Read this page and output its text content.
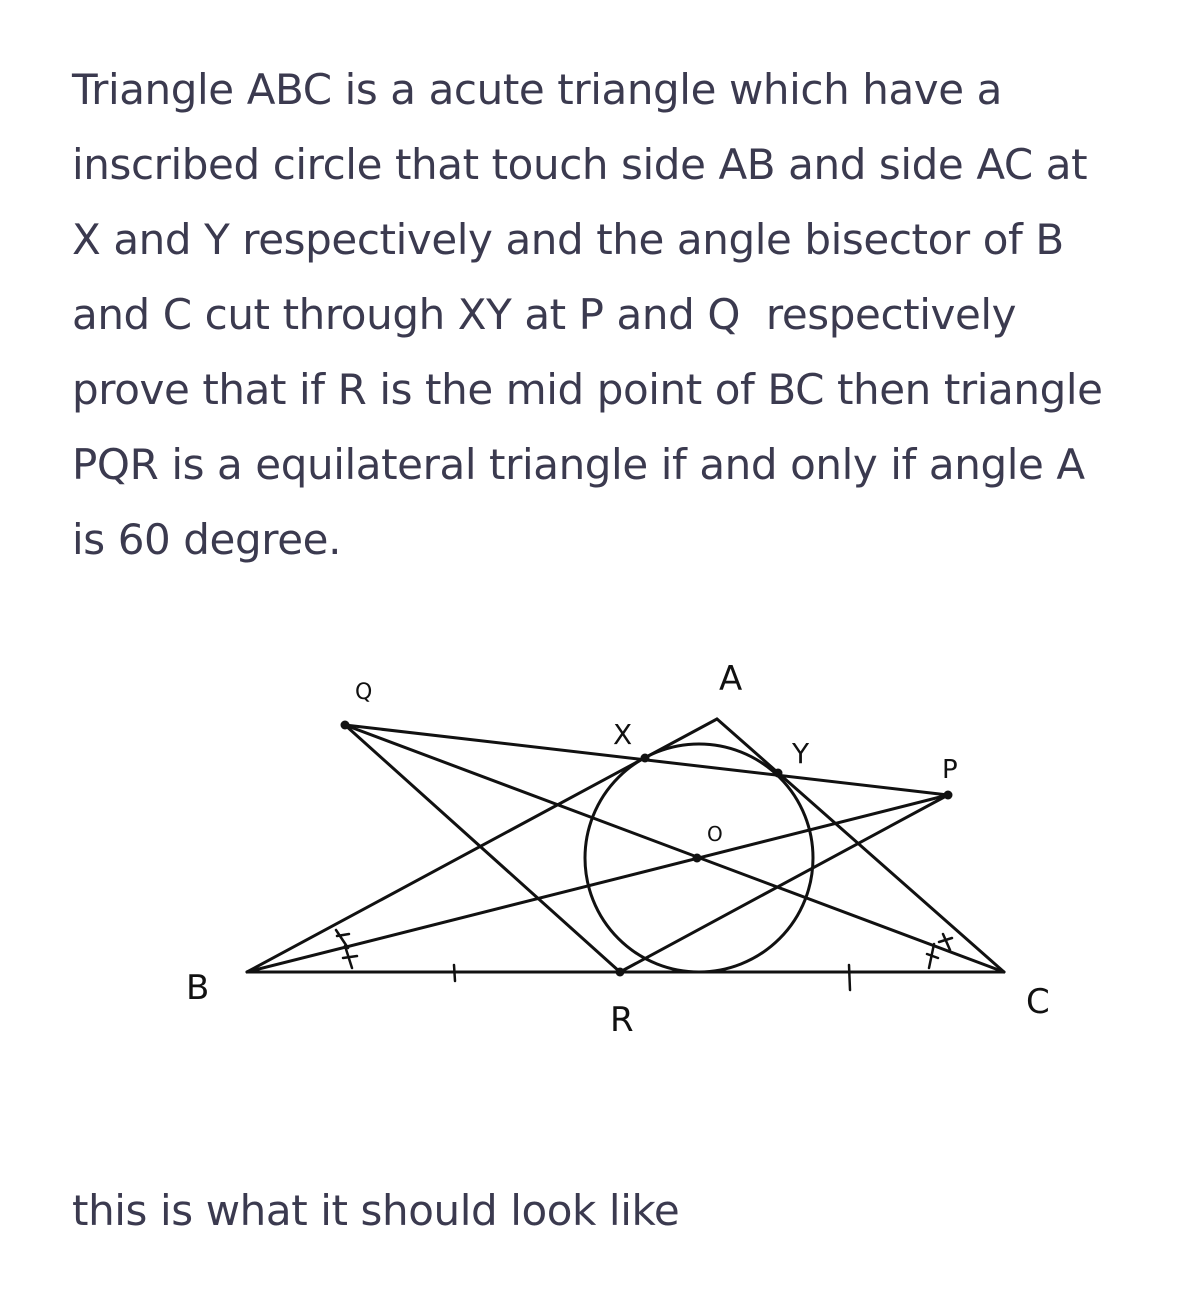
Triangle ABC is a acute triangle which have a
inscribed circle that touch side AB and side AC at
X and Y respectively and the angle bisector of B
and C cut through XY at P and Q  respectively
prove that if R is the mid point of BC then triangle
PQR is a equilateral triangle if and only if angle A
is 60 degree.
A
B	C
X
Y	P
Q
R
O

this is what it should look like
